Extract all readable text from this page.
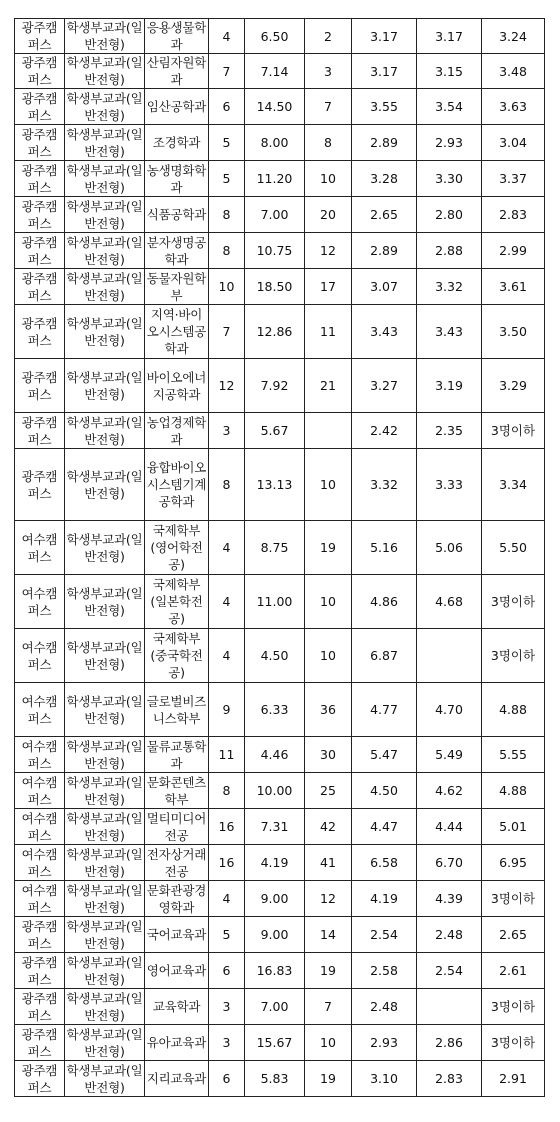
광주캠퍼스	학생부교과(일반전형)	응용생물학과	4	6.50	2	3.17	3.17	3.24

광주캠퍼스	학생부교과(일반전형)	산림자원학과	7	7.14	3	3.17	3.15	3.48

광주캠퍼스	학생부교과(일반전형)	임산공학과	6	14.50	7	3.55	3.54	3.63

광주캠퍼스	학생부교과(일반전형)	조경학과	5	8.00	8	2.89	2.93	3.04

광주캠퍼스	학생부교과(일반전형)	농생명화학과	5	11.20	10	3.28	3.30	3.37

광주캠퍼스	학생부교과(일반전형)	식품공학과	8	7.00	20	2.65	2.80	2.83

광주캠퍼스	학생부교과(일반전형)	분자생명공학과	8	10.75	12	2.89	2.88	2.99

광주캠퍼스	학생부교과(일반전형)	동물자원학부	10	18.50	17	3.07	3.32	3.61

광주캠퍼스	학생부교과(일반전형)	지역·바이오시스템공학과	7	12.86	11	3.43	3.43	3.50

광주캠퍼스	학생부교과(일반전형)	바이오에너지공학과	12	7.92	21	3.27	3.19	3.29

광주캠퍼스	학생부교과(일반전형)	농업경제학과	3	5.67		2.42	2.35	3명이하

광주캠퍼스	학생부교과(일반전형)	융합바이오시스템기계공학과	8	13.13	10	3.32	3.33	3.34

여수캠퍼스	학생부교과(일반전형)	국제학부(영어학전공)	4	8.75	19	5.16	5.06	5.50

여수캠퍼스	학생부교과(일반전형)	국제학부(일본학전공)	4	11.00	10	4.86	4.68	3명이하

여수캠퍼스	학생부교과(일반전형)	국제학부(중국학전공)	4	4.50	10	6.87		3명이하

여수캠퍼스	학생부교과(일반전형)	글로벌비즈니스학부	9	6.33	36	4.77	4.70	4.88

여수캠퍼스	학생부교과(일반전형)	물류교통학과	11	4.46	30	5.47	5.49	5.55

여수캠퍼스	학생부교과(일반전형)	문화콘텐츠학부	8	10.00	25	4.50	4.62	4.88

여수캠퍼스	학생부교과(일반전형)	멀티미디어전공	16	7.31	42	4.47	4.44	5.01

여수캠퍼스	학생부교과(일반전형)	전자상거래전공	16	4.19	41	6.58	6.70	6.95

여수캠퍼스	학생부교과(일반전형)	문화관광경영학과	4	9.00	12	4.19	4.39	3명이하

광주캠퍼스	학생부교과(일반전형)	국어교육과	5	9.00	14	2.54	2.48	2.65

광주캠퍼스	학생부교과(일반전형)	영어교육과	6	16.83	19	2.58	2.54	2.61

광주캠퍼스	학생부교과(일반전형)	교육학과	3	7.00	7	2.48		3명이하

광주캠퍼스	학생부교과(일반전형)	유아교육과	3	15.67	10	2.93	2.86	3명이하

광주캠퍼스	학생부교과(일반전형)	지리교육과	6	5.83	19	3.10	2.83	2.91
